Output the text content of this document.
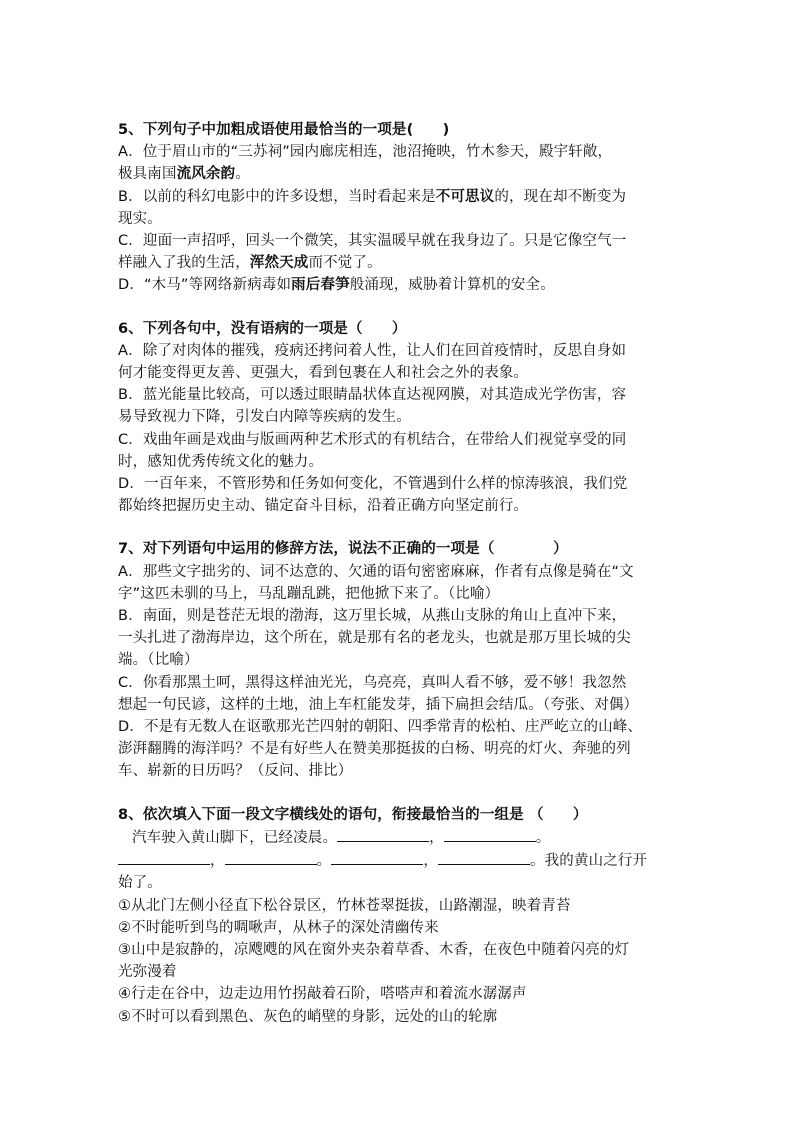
5、下列句子中加粗成语使用最恰当的一项是(　　)
A．位于眉山市的“三苏祠”园内廊庑相连，池沼掩映，竹木参天，殿宇轩敞，
极具南国流风余韵。
B．以前的科幻电影中的许多设想，当时看起来是不可思议的，现在却不断变为
现实。
C．迎面一声招呼，回头一个微笑，其实温暖早就在我身边了。只是它像空气一
样融入了我的生活，浑然天成而不觉了。
D．“木马”等网络新病毒如雨后春笋般涌现，威胁着计算机的安全。
6、下列各句中，没有语病的一项是（　　）
A．除了对肉体的摧残，疫病还拷问着人性，让人们在回首疫情时，反思自身如
何才能变得更友善、更强大，看到包裹在人和社会之外的表象。
B．蓝光能量比较高，可以透过眼睛晶状体直达视网膜，对其造成光学伤害，容
易导致视力下降，引发白内障等疾病的发生。
C．戏曲年画是戏曲与版画两种艺术形式的有机结合，在带给人们视觉享受的同
时，感知优秀传统文化的魅力。
D．一百年来，不管形势和任务如何变化，不管遇到什么样的惊涛骇浪，我们党
都始终把握历史主动、锚定奋斗目标，沿着正确方向坚定前行。
7、对下列语句中运用的修辞方法，说法不正确的一项是（　　　　）
A．那些文字拙劣的、词不达意的、欠通的语句密密麻麻，作者有点像是骑在“文
字”这匹未驯的马上，马乱蹦乱跳，把他掀下来了。（比喻）
B．南面，则是苍茫无垠的渤海，这万里长城，从燕山支脉的角山上直冲下来，
一头扎进了渤海岸边，这个所在，就是那有名的老龙头，也就是那万里长城的尖
端。（比喻）
C．你看那黑土呵，黑得这样油光光，乌亮亮，真叫人看不够，爱不够！我忽然
想起一句民谚，这样的土地，油上车杠能发芽，插下扁担会结瓜。（夸张、对偶）
D．不是有无数人在讴歌那光芒四射的朝阳、四季常青的松柏、庄严屹立的山峰、
澎湃翻腾的海洋吗？不是有好些人在赞美那挺拔的白杨、明亮的灯火、奔驰的列
车、崭新的日历吗？（反问、排比）
8、依次填入下面一段文字横线处的语句，衔接最恰当的一组是 （　　）
汽车驶入黄山脚下，已经凌晨。	，	。
，	。	，	。我的黄山之行开
始了。
①从北门左侧小径直下松谷景区，竹林苍翠挺拔，山路潮湿，映着青苔
②不时能听到鸟的啁啾声，从林子的深处清幽传来
③山中是寂静的，凉飕飕的风在窗外夹杂着草香、木香，在夜色中随着闪亮的灯
光弥漫着
④行走在谷中，边走边用竹拐敲着石阶，嗒嗒声和着流水潺潺声
⑤不时可以看到黑色、灰色的峭壁的身影，远处的山的轮廓
